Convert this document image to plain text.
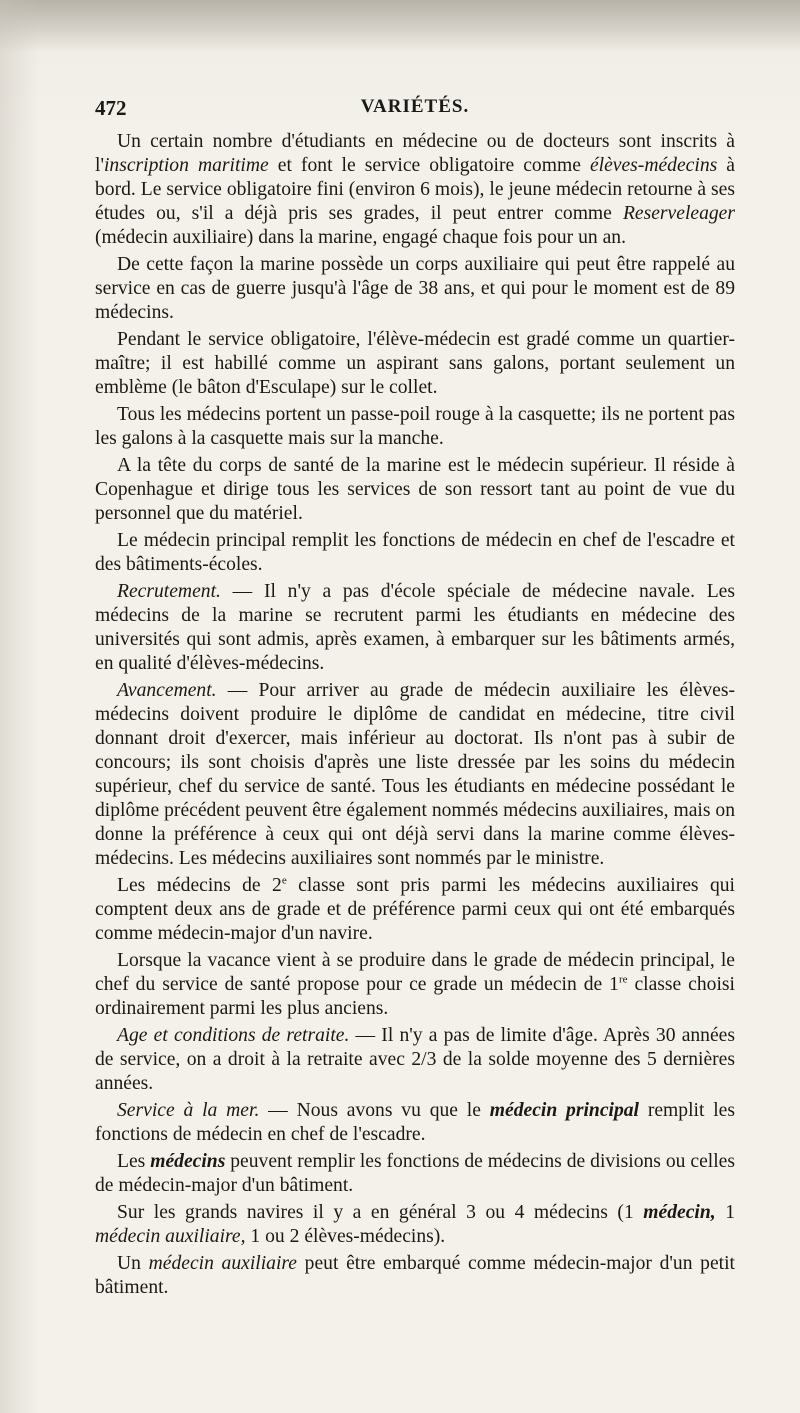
472	VARIÉTÉS.

Un certain nombre d'étudiants en médecine ou de docteurs sont inscrits à l'inscription maritime et font le service obligatoire comme élèves-médecins à bord. Le service obligatoire fini (environ 6 mois), le jeune médecin retourne à ses études ou, s'il a déjà pris ses grades, il peut entrer comme Reserveleager (médecin auxiliaire) dans la marine, engagé chaque fois pour un an.

De cette façon la marine possède un corps auxiliaire qui peut être rappelé au service en cas de guerre jusqu'à l'âge de 38 ans, et qui pour le moment est de 89 médecins.

Pendant le service obligatoire, l'élève-médecin est gradé comme un quartier-maître; il est habillé comme un aspirant sans galons, portant seulement un emblème (le bâton d'Esculape) sur le collet.

Tous les médecins portent un passe-poil rouge à la casquette; ils ne portent pas les galons à la casquette mais sur la manche.

A la tête du corps de santé de la marine est le médecin supérieur. Il réside à Copenhague et dirige tous les services de son ressort tant au point de vue du personnel que du matériel.

Le médecin principal remplit les fonctions de médecin en chef de l'escadre et des bâtiments-écoles.

Recrutement. — Il n'y a pas d'école spéciale de médecine navale. Les médecins de la marine se recrutent parmi les étudiants en médecine des universités qui sont admis, après examen, à embarquer sur les bâtiments armés, en qualité d'élèves-médecins.

Avancement. — Pour arriver au grade de médecin auxiliaire les élèves-médecins doivent produire le diplôme de candidat en médecine, titre civil donnant droit d'exercer, mais inférieur au doctorat. Ils n'ont pas à subir de concours; ils sont choisis d'après une liste dressée par les soins du médecin supérieur, chef du service de santé. Tous les étudiants en médecine possédant le diplôme précédent peuvent être également nommés médecins auxiliaires, mais on donne la préférence à ceux qui ont déjà servi dans la marine comme élèves-médecins. Les médecins auxiliaires sont nommés par le ministre.

Les médecins de 2e classe sont pris parmi les médecins auxiliaires qui comptent deux ans de grade et de préférence parmi ceux qui ont été embarqués comme médecin-major d'un navire.

Lorsque la vacance vient à se produire dans le grade de médecin principal, le chef du service de santé propose pour ce grade un médecin de 1re classe choisi ordinairement parmi les plus anciens.

Age et conditions de retraite. — Il n'y a pas de limite d'âge. Après 30 années de service, on a droit à la retraite avec 2/3 de la solde moyenne des 5 dernières années.

Service à la mer. — Nous avons vu que le médecin principal remplit les fonctions de médecin en chef de l'escadre.

Les médecins peuvent remplir les fonctions de médecins de divisions ou celles de médecin-major d'un bâtiment.

Sur les grands navires il y a en général 3 ou 4 médecins (1 médecin, 1 médecin auxiliaire, 1 ou 2 élèves-médecins).

Un médecin auxiliaire peut être embarqué comme médecin-major d'un petit bâtiment.
